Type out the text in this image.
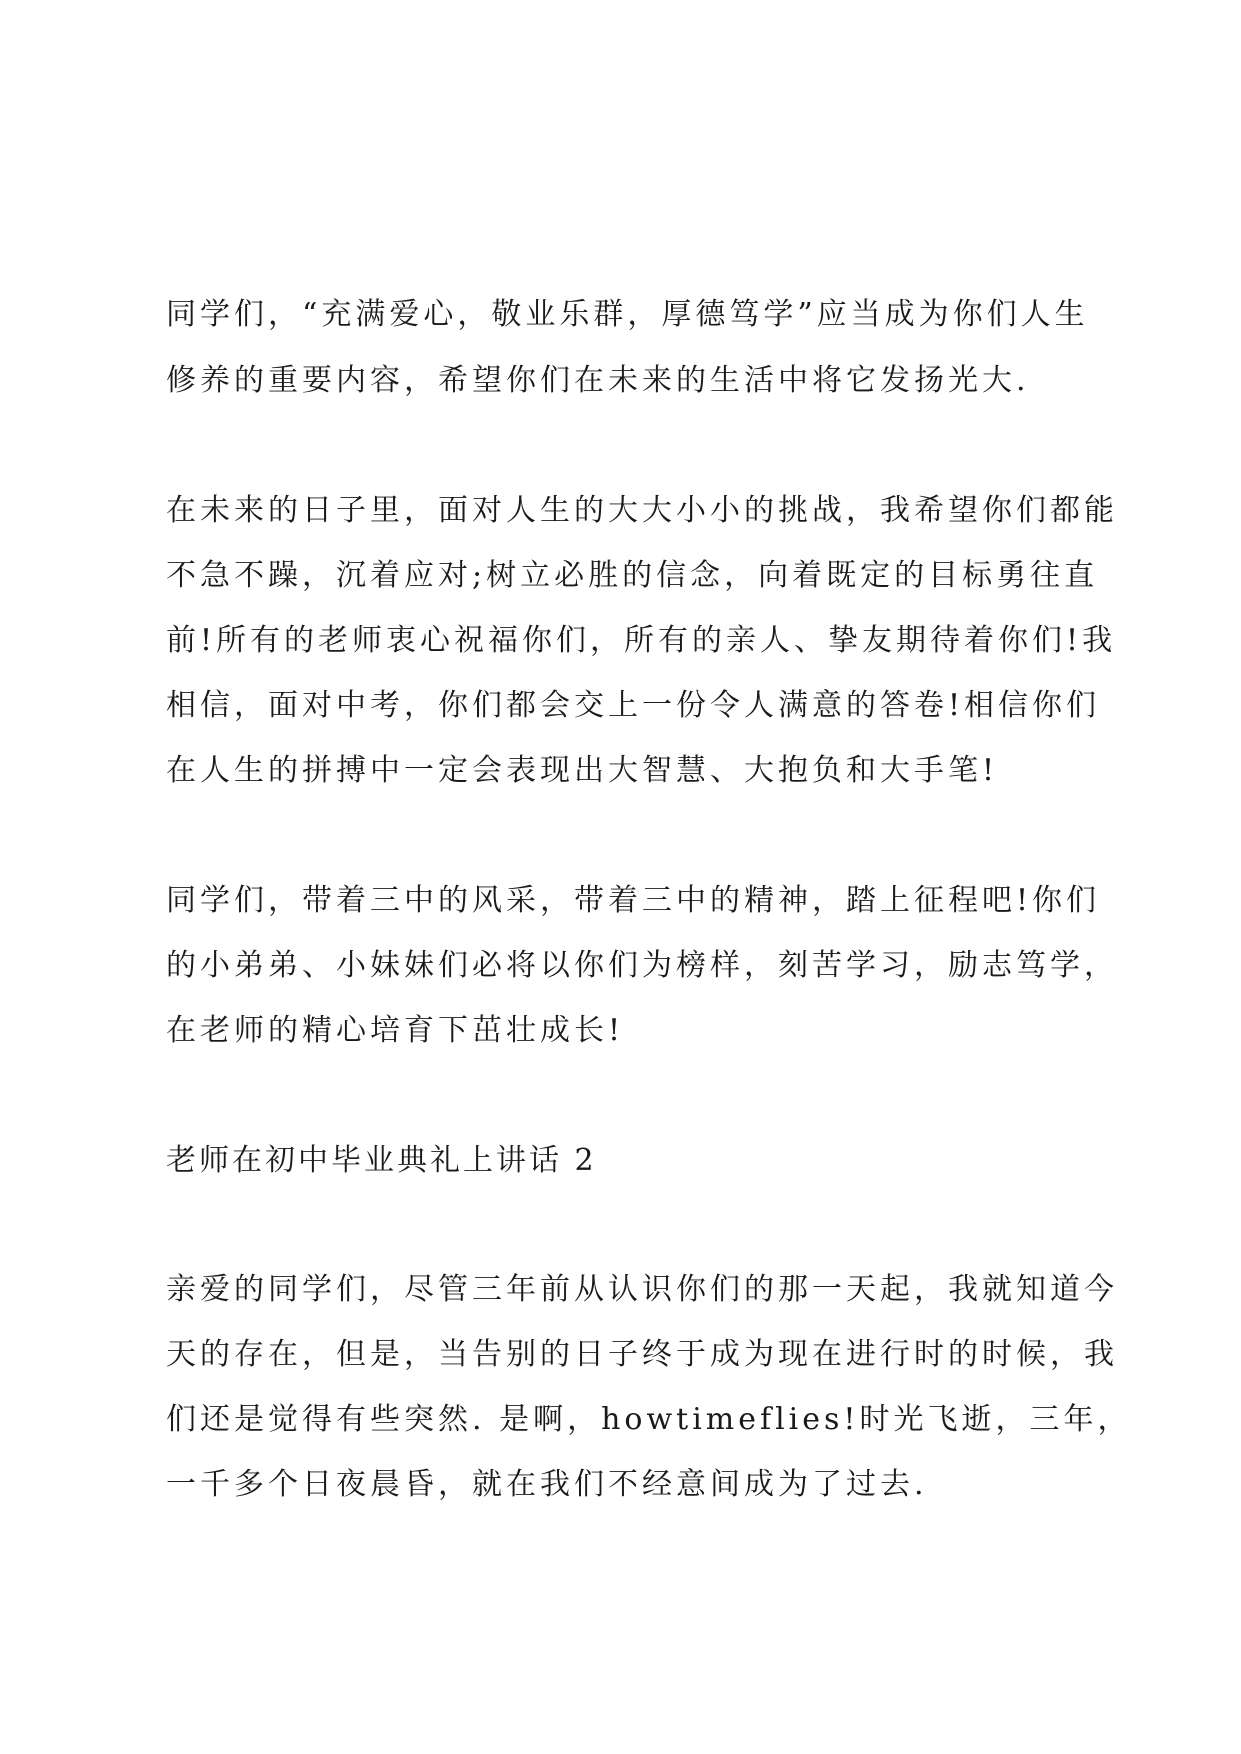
同学们，“充满爱心，敬业乐群，厚德笃学”应当成为你们人生
修养的重要内容，希望你们在未来的生活中将它发扬光大.
在未来的日子里，面对人生的大大小小的挑战，我希望你们都能
不急不躁，沉着应对;树立必胜的信念，向着既定的目标勇往直
前!所有的老师衷心祝福你们，所有的亲人、挚友期待着你们!我
相信，面对中考，你们都会交上一份令人满意的答卷!相信你们
在人生的拼搏中一定会表现出大智慧、大抱负和大手笔!
同学们，带着三中的风采，带着三中的精神，踏上征程吧!你们
的小弟弟、小妹妹们必将以你们为榜样，刻苦学习，励志笃学，
在老师的精心培育下茁壮成长!
老师在初中毕业典礼上讲话 2
亲爱的同学们，尽管三年前从认识你们的那一天起，我就知道今
天的存在，但是，当告别的日子终于成为现在进行时的时候，我
们还是觉得有些突然. 是啊，howtimeflies!时光飞逝，三年，
一千多个日夜晨昏，就在我们不经意间成为了过去.
